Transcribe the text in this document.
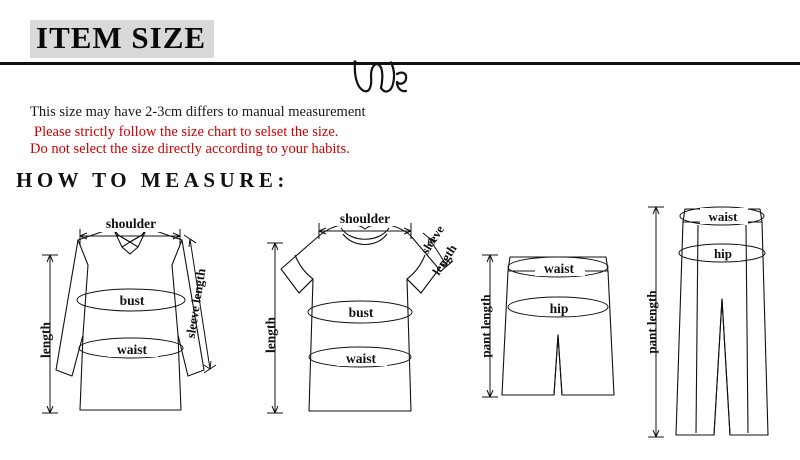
ITEM SIZE
This size may have 2-3cm differs to manual measurement
Please strictly follow the size chart to selset the size.
Do not select the size directly according to your habits.
HOW TO MEASURE:
shoulder
bust
waist
length
sleeve length
shoulder
bust
waist
length
sleeve
length	waist
hip
pant length
waist
hip
pant length
